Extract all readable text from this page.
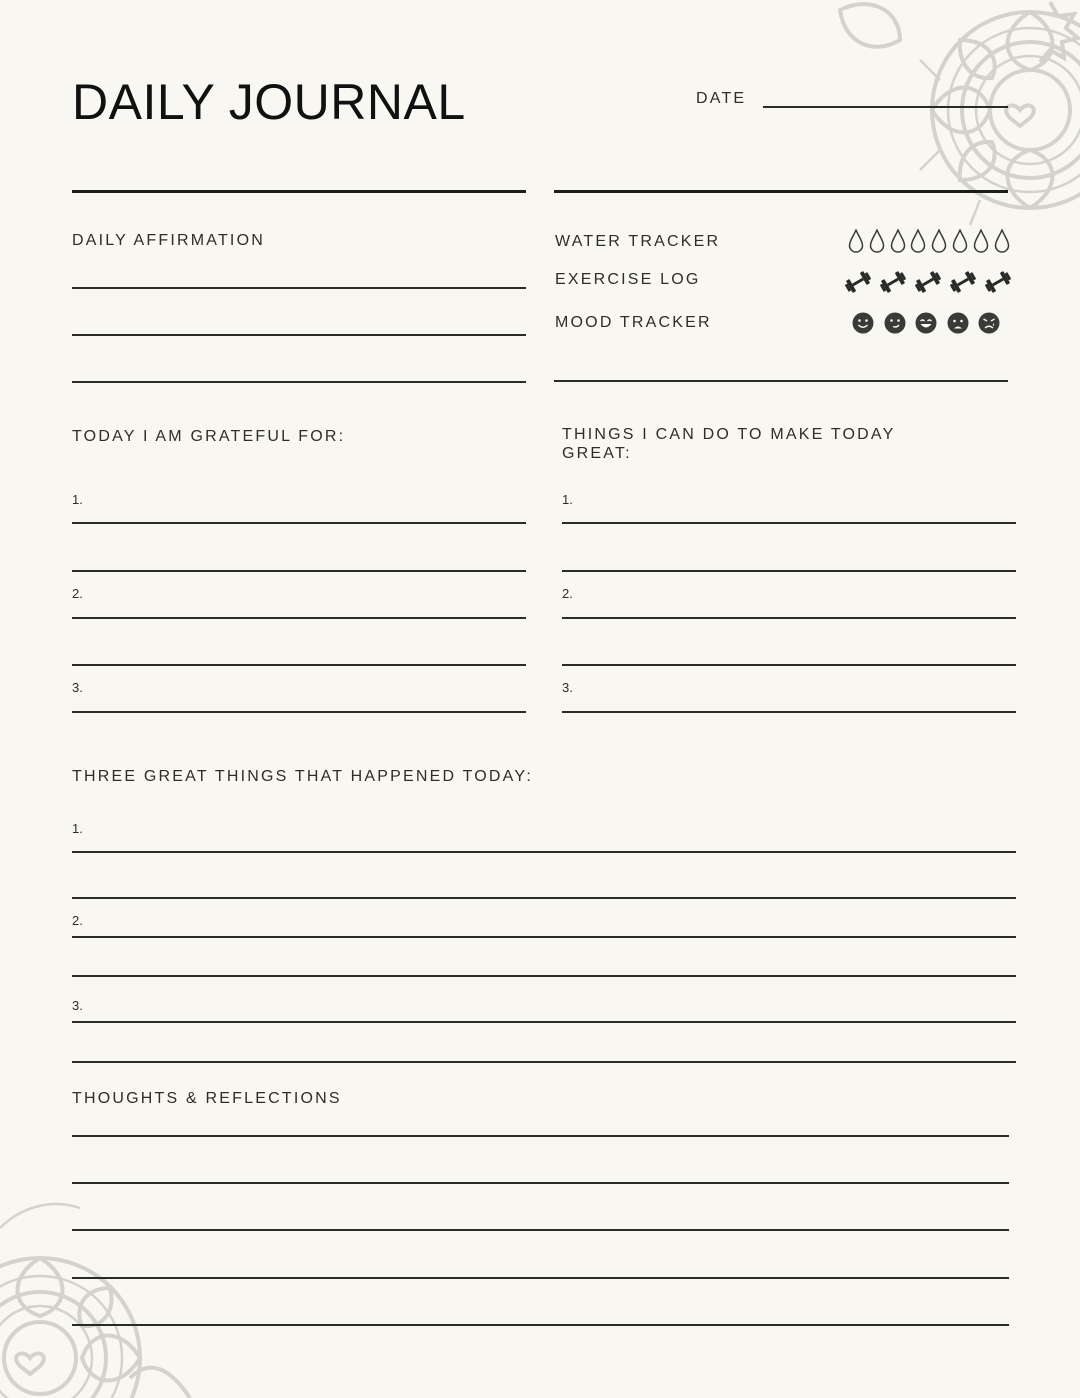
DAILY JOURNAL	DATE
DAILY AFFIRMATION	WATER TRACKER
EXERCISE LOG
MOOD TRACKER
TODAY I AM GRATEFUL FOR:
1.
2.
3.
THINGS I CAN DO TO MAKE TODAY
GREAT:
1.
2.
3.
THREE GREAT THINGS THAT HAPPENED TODAY:
1.
2.
3.
THOUGHTS & REFLECTIONS
